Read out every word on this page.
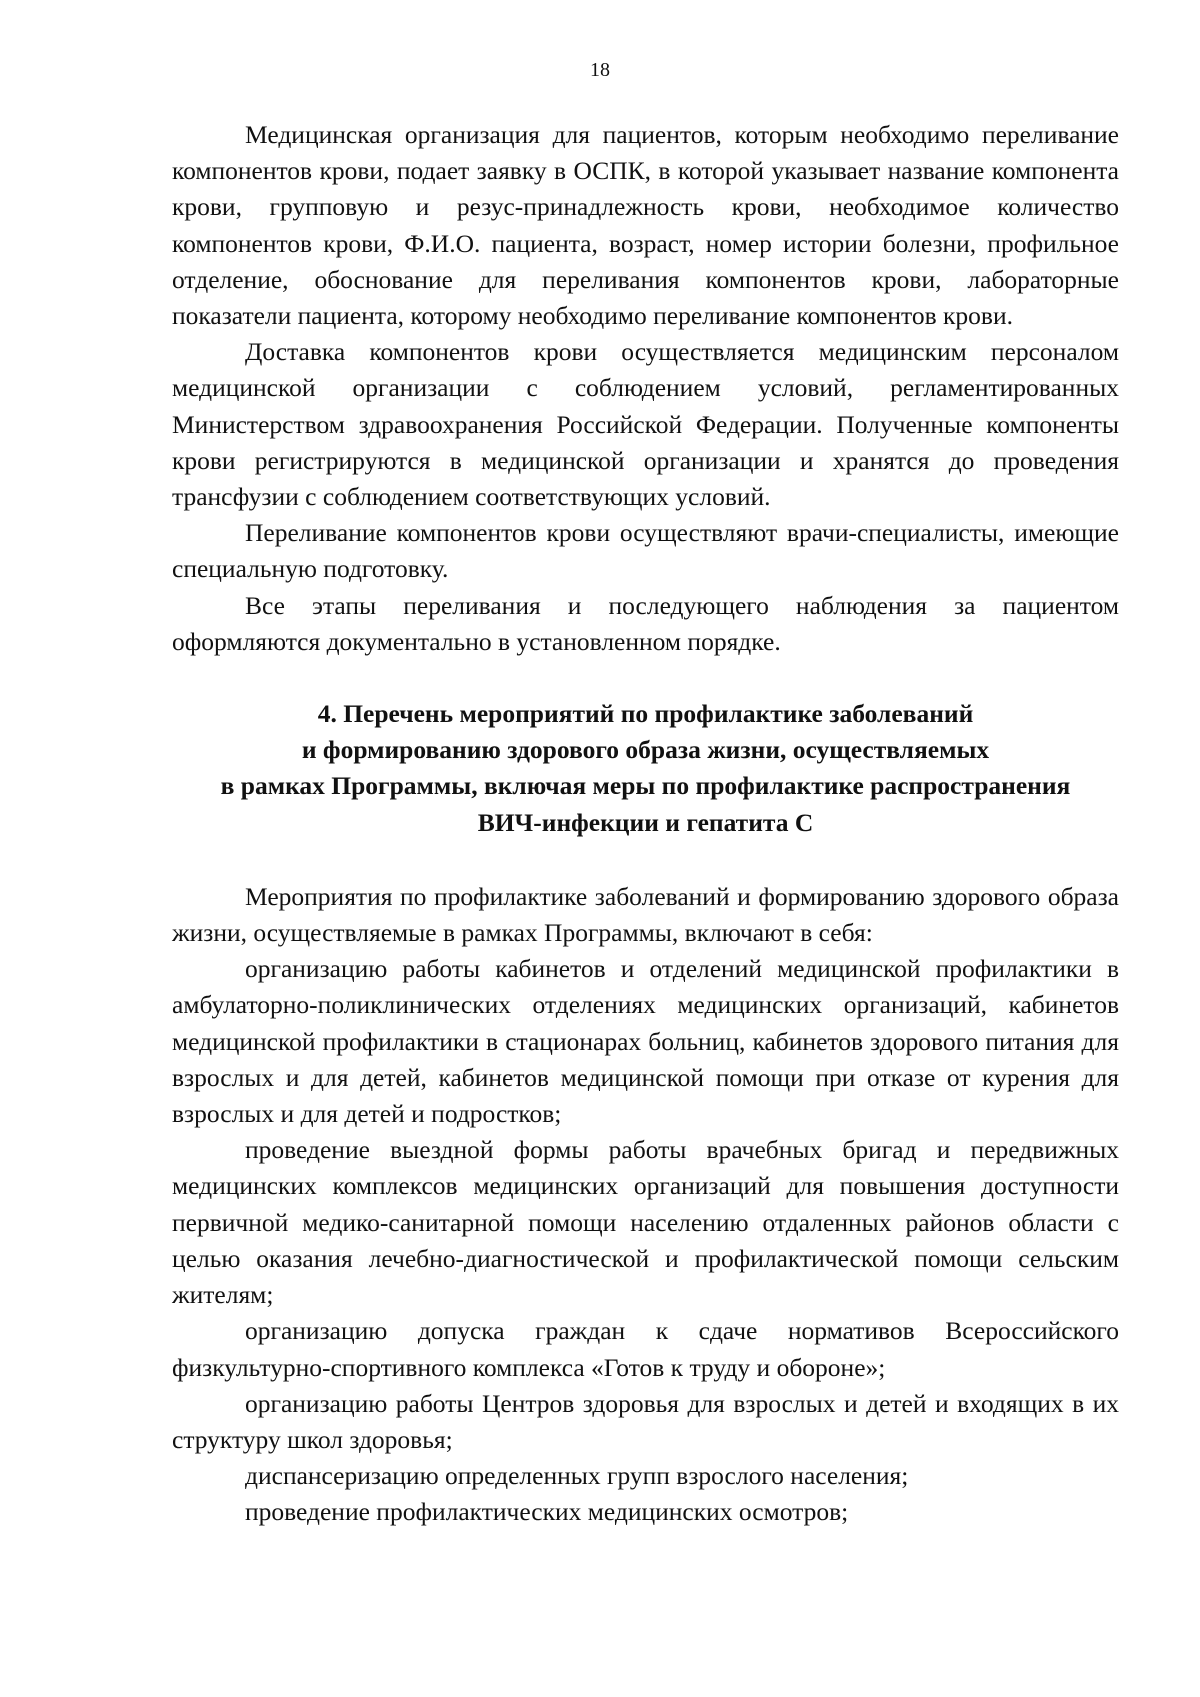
18

Медицинская организация для пациентов, которым необходимо переливание компонентов крови, подает заявку в ОСПК, в которой указывает название компонента крови, групповую и резус-принадлежность крови, необходимое количество компонентов крови, Ф.И.О. пациента, возраст, номер истории болезни, профильное отделение, обоснование для переливания компонентов крови, лабораторные показатели пациента, которому необходимо переливание компонентов крови.

Доставка компонентов крови осуществляется медицинским персоналом медицинской организации с соблюдением условий, регламентированных Министерством здравоохранения Российской Федерации. Полученные компоненты крови регистрируются в медицинской организации и хранятся до проведения трансфузии с соблюдением соответствующих условий.

Переливание компонентов крови осуществляют врачи-специалисты, имеющие специальную подготовку.

Все этапы переливания и последующего наблюдения за пациентом оформляются документально в установленном порядке.

4. Перечень мероприятий по профилактике заболеваний
и формированию здорового образа жизни, осуществляемых
в рамках Программы, включая меры по профилактике распространения
ВИЧ-инфекции и гепатита С

Мероприятия по профилактике заболеваний и формированию здорового образа жизни, осуществляемые в рамках Программы, включают в себя:

организацию работы кабинетов и отделений медицинской профилактики в амбулаторно-поликлинических отделениях медицинских организаций, кабинетов медицинской профилактики в стационарах больниц, кабинетов здорового питания для взрослых и для детей, кабинетов медицинской помощи при отказе от курения для взрослых и для детей и подростков;

проведение выездной формы работы врачебных бригад и передвижных медицинских комплексов медицинских организаций для повышения доступности первичной медико-санитарной помощи населению отдаленных районов области с целью оказания лечебно-диагностической и профилактической помощи сельским жителям;

организацию допуска граждан к сдаче нормативов Всероссийского физкультурно-спортивного комплекса «Готов к труду и обороне»;

организацию работы Центров здоровья для взрослых и детей и входящих в их структуру школ здоровья;

диспансеризацию определенных групп взрослого населения;

проведение профилактических медицинских осмотров;
